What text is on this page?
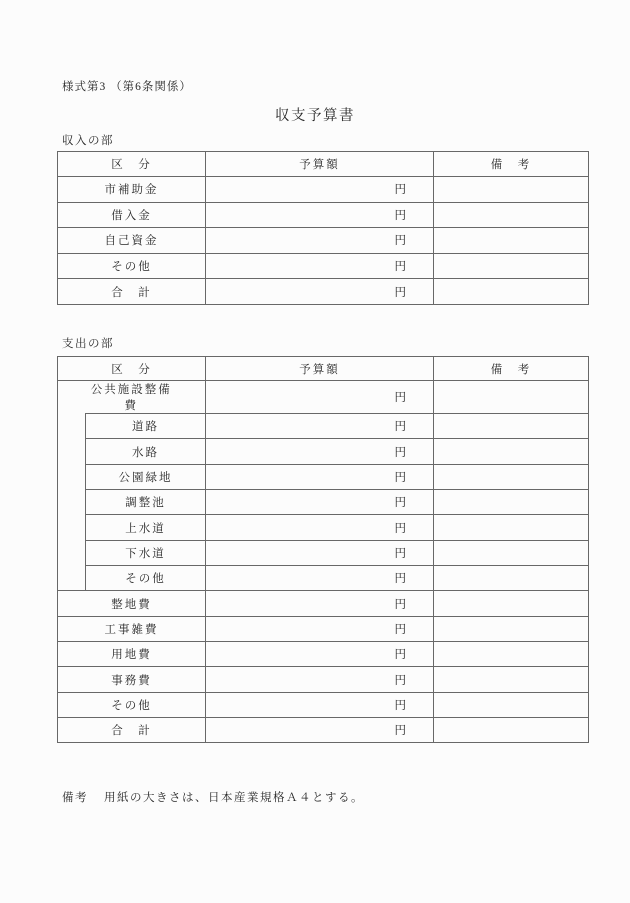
様式第3 （第6条関係）
収支予算書
収入の部
区　分	予算額	備　考
市補助金	円	
借入金	円	
自己資金	円	
その他	円	
合　計	円	
支出の部
区　分		予算額	備　考
	公共施設整備費	円	
	道路	円	
	水路	円	
	公園緑地	円	
	調整池	円	
	上水道	円	
	下水道	円	
	その他	円	
整地費		円	
工事雑費		円	
用地費		円	
事務費		円	
その他		円	
合　計		円	
備考 用紙の大きさは、日本産業規格Ａ４とする。
